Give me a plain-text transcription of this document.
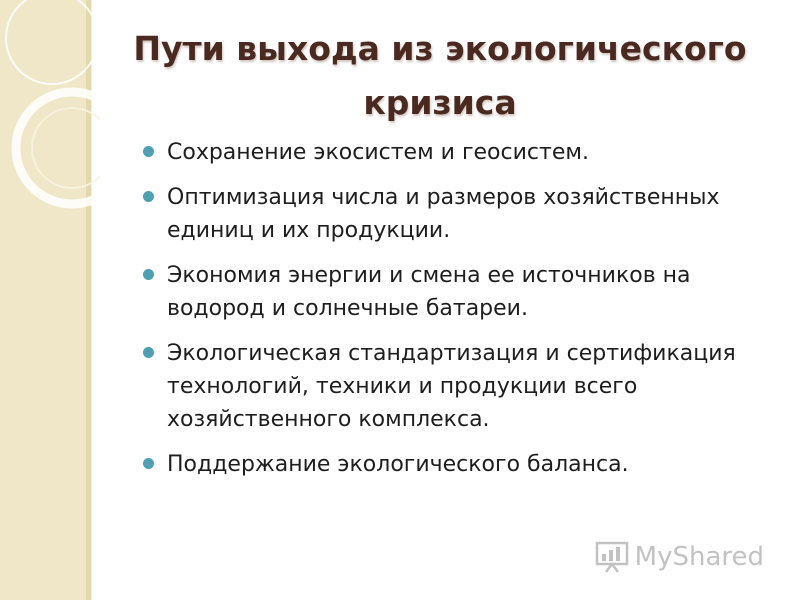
Пути выхода из экологического кризиса
Сохранение экосистем и геосистем.
Оптимизация числа и размеров хозяйственных единиц и их продукции.
Экономия энергии и смена ее источников на водород и солнечные батареи.
Экологическая стандартизация и сертификация технологий, техники и продукции всего хозяйственного комплекса.
Поддержание экологического баланса.
MyShared
